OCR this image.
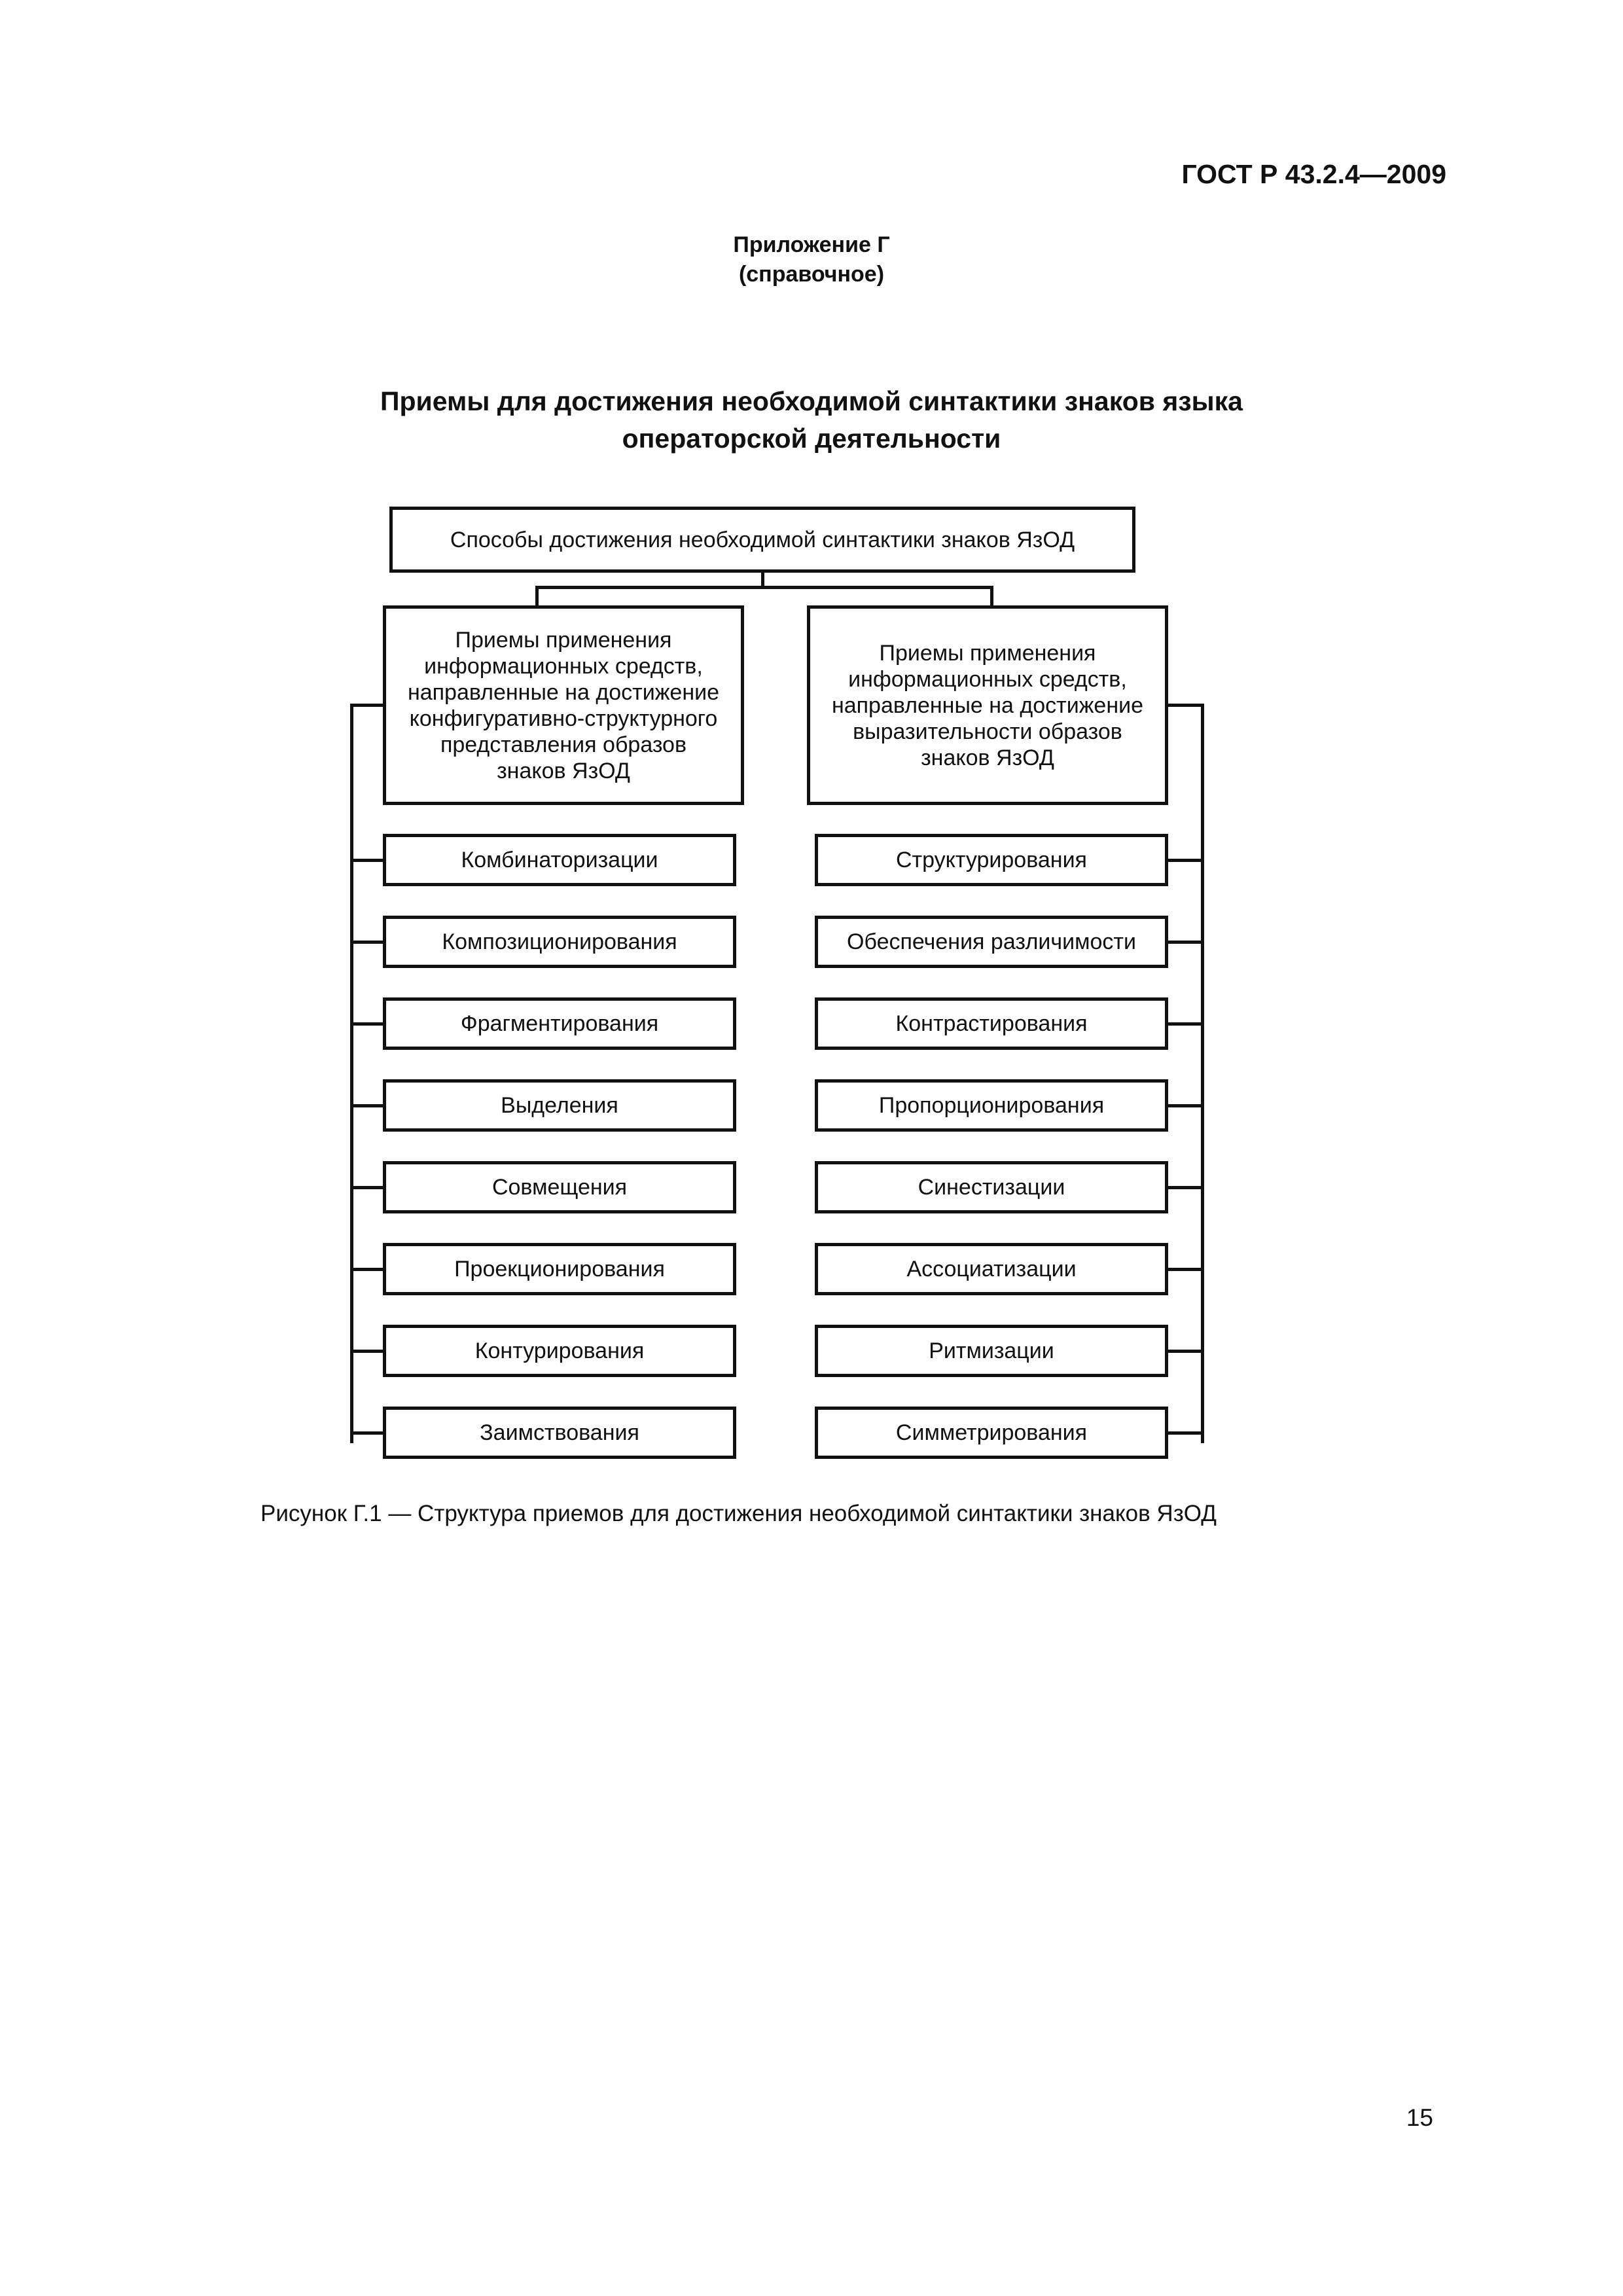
ГОСТ Р 43.2.4—2009
Приложение Г
(справочное)
Приемы для достижения необходимой синтактики знаков языка
операторской деятельности
Способы достижения необходимой синтактики знаков ЯзОД
Приемы применения
информационных средств,
направленные на достижение
конфигуративно-структурного
представления образов
знаков ЯзОД
Приемы применения
информационных средств,
направленные на достижение
выразительности образов
знаков ЯзОД
Комбинаторизации
Композиционирования
Фрагментирования
Выделения
Совмещения
Проекционирования
Контурирования
Заимствования
Структурирования
Обеспечения различимости
Контрастирования
Пропорционирования
Синестизации
Ассоциатизации
Ритмизации
Симметрирования
Рисунок Г.1 — Структура приемов для достижения необходимой синтактики знаков ЯзОД
15
